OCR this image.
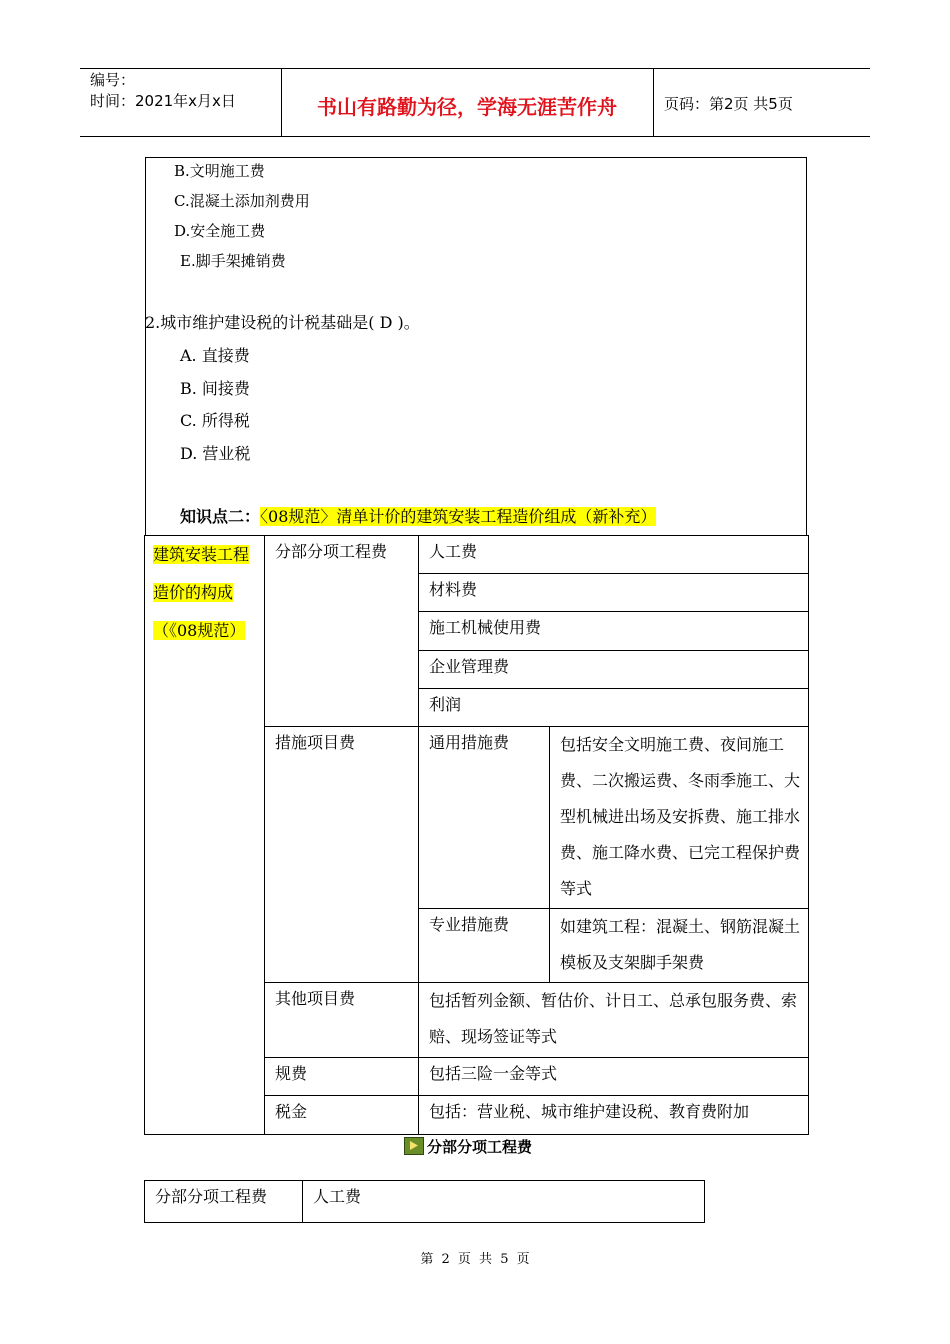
编号：
时间：2021年x月x日	书山有路勤为径，学海无涯苦作舟	页码：第2页 共5页
B.文明施工费
C.混凝土添加剂费用
D.安全施工费
E.脚手架摊销费
2.城市维护建设税的计税基础是( D )。
A. 直接费
B. 间接费
C. 所得税
D. 营业税
知识点二：〈08规范〉清单计价的建筑安装工程造价组成（新补充）
建筑安装工程造价的构成（《08规范）	分部分项工程费	人工费	

		材料费	

		施工机械使用费	

		企业管理费	

		利润	

	措施项目费	通用措施费	包括安全文明施工费、夜间施工费、二次搬运费、冬雨季施工、大型机械进出场及安拆费、施工排水费、施工降水费、已完工程保护费等式

		专业措施费	如建筑工程：混凝土、钢筋混凝土模板及支架脚手架费

	其他项目费	包括暂列金额、暂估价、计日工、总承包服务费、索赔、现场签证等式	

	规费	包括三险一金等式	

	税金	包括：营业税、城市维护建设税、教育费附加	
分部分项工程费
分部分项工程费	人工费
第 2 页 共 5 页
